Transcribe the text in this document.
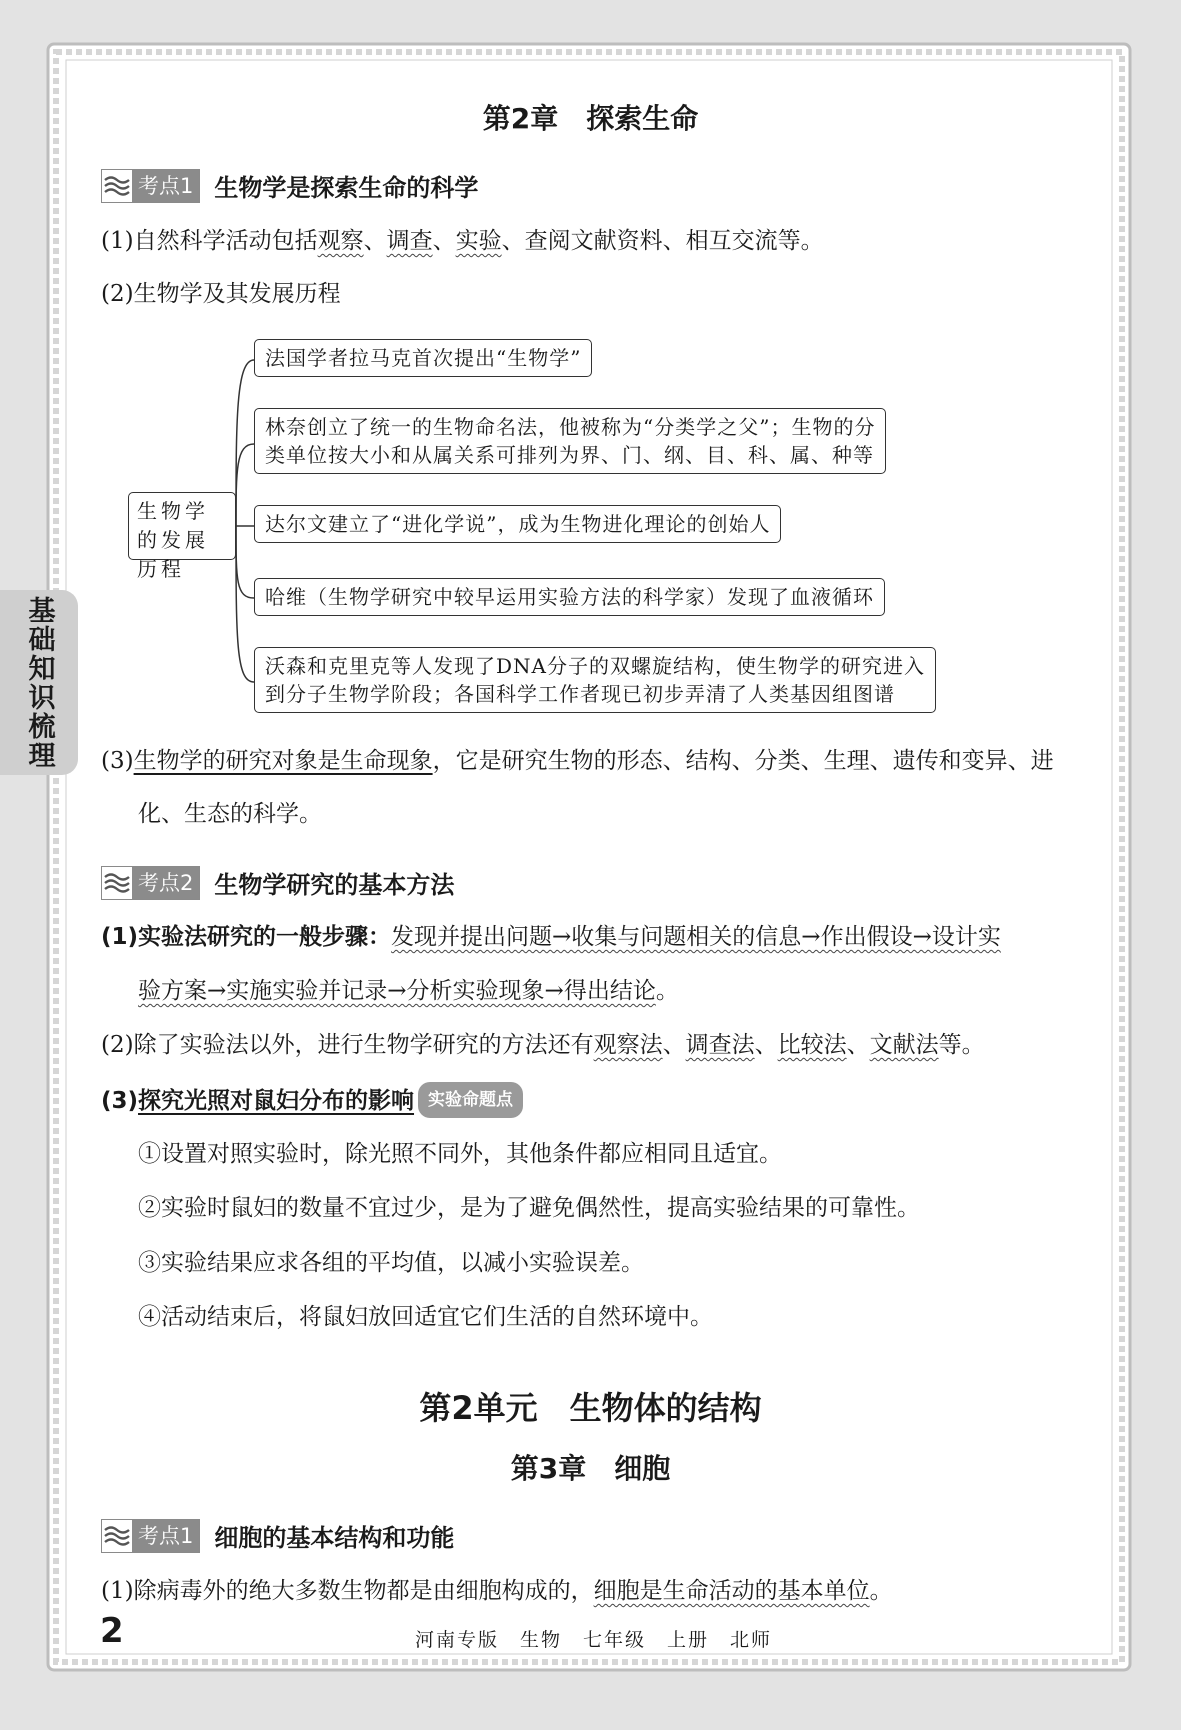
基础知识梳理
第2章　探索生命
考点1 生物学是探索生命的科学
(1)自然科学活动包括观察、调查、实验、查阅文献资料、相互交流等。
(2)生物学及其发展历程
生物学的发展历程
法国学者拉马克首次提出“生物学”
林奈创立了统一的生物命名法，他被称为“分类学之父”；生物的分
类单位按大小和从属关系可排列为界、门、纲、目、科、属、种等
达尔文建立了“进化学说”，成为生物进化理论的创始人
哈维（生物学研究中较早运用实验方法的科学家）发现了血液循环
沃森和克里克等人发现了DNA分子的双螺旋结构，使生物学的研究进入
到分子生物学阶段；各国科学工作者现已初步弄清了人类基因组图谱
(3)生物学的研究对象是生命现象，它是研究生物的形态、结构、分类、生理、遗传和变异、进
化、生态的科学。
考点2 生物学研究的基本方法
(1)实验法研究的一般步骤：发现并提出问题→收集与问题相关的信息→作出假设→设计实
验方案→实施实验并记录→分析实验现象→得出结论。
(2)除了实验法以外，进行生物学研究的方法还有观察法、调查法、比较法、文献法等。
(3)探究光照对鼠妇分布的影响 实验命题点
①设置对照实验时，除光照不同外，其他条件都应相同且适宜。
②实验时鼠妇的数量不宜过少，是为了避免偶然性，提高实验结果的可靠性。
③实验结果应求各组的平均值，以减小实验误差。
④活动结束后，将鼠妇放回适宜它们生活的自然环境中。
第2单元　生物体的结构
第3章　细胞
考点1 细胞的基本结构和功能
(1)除病毒外的绝大多数生物都是由细胞构成的，细胞是生命活动的基本单位。
2	河南专版　生物　七年级　上册　北师
